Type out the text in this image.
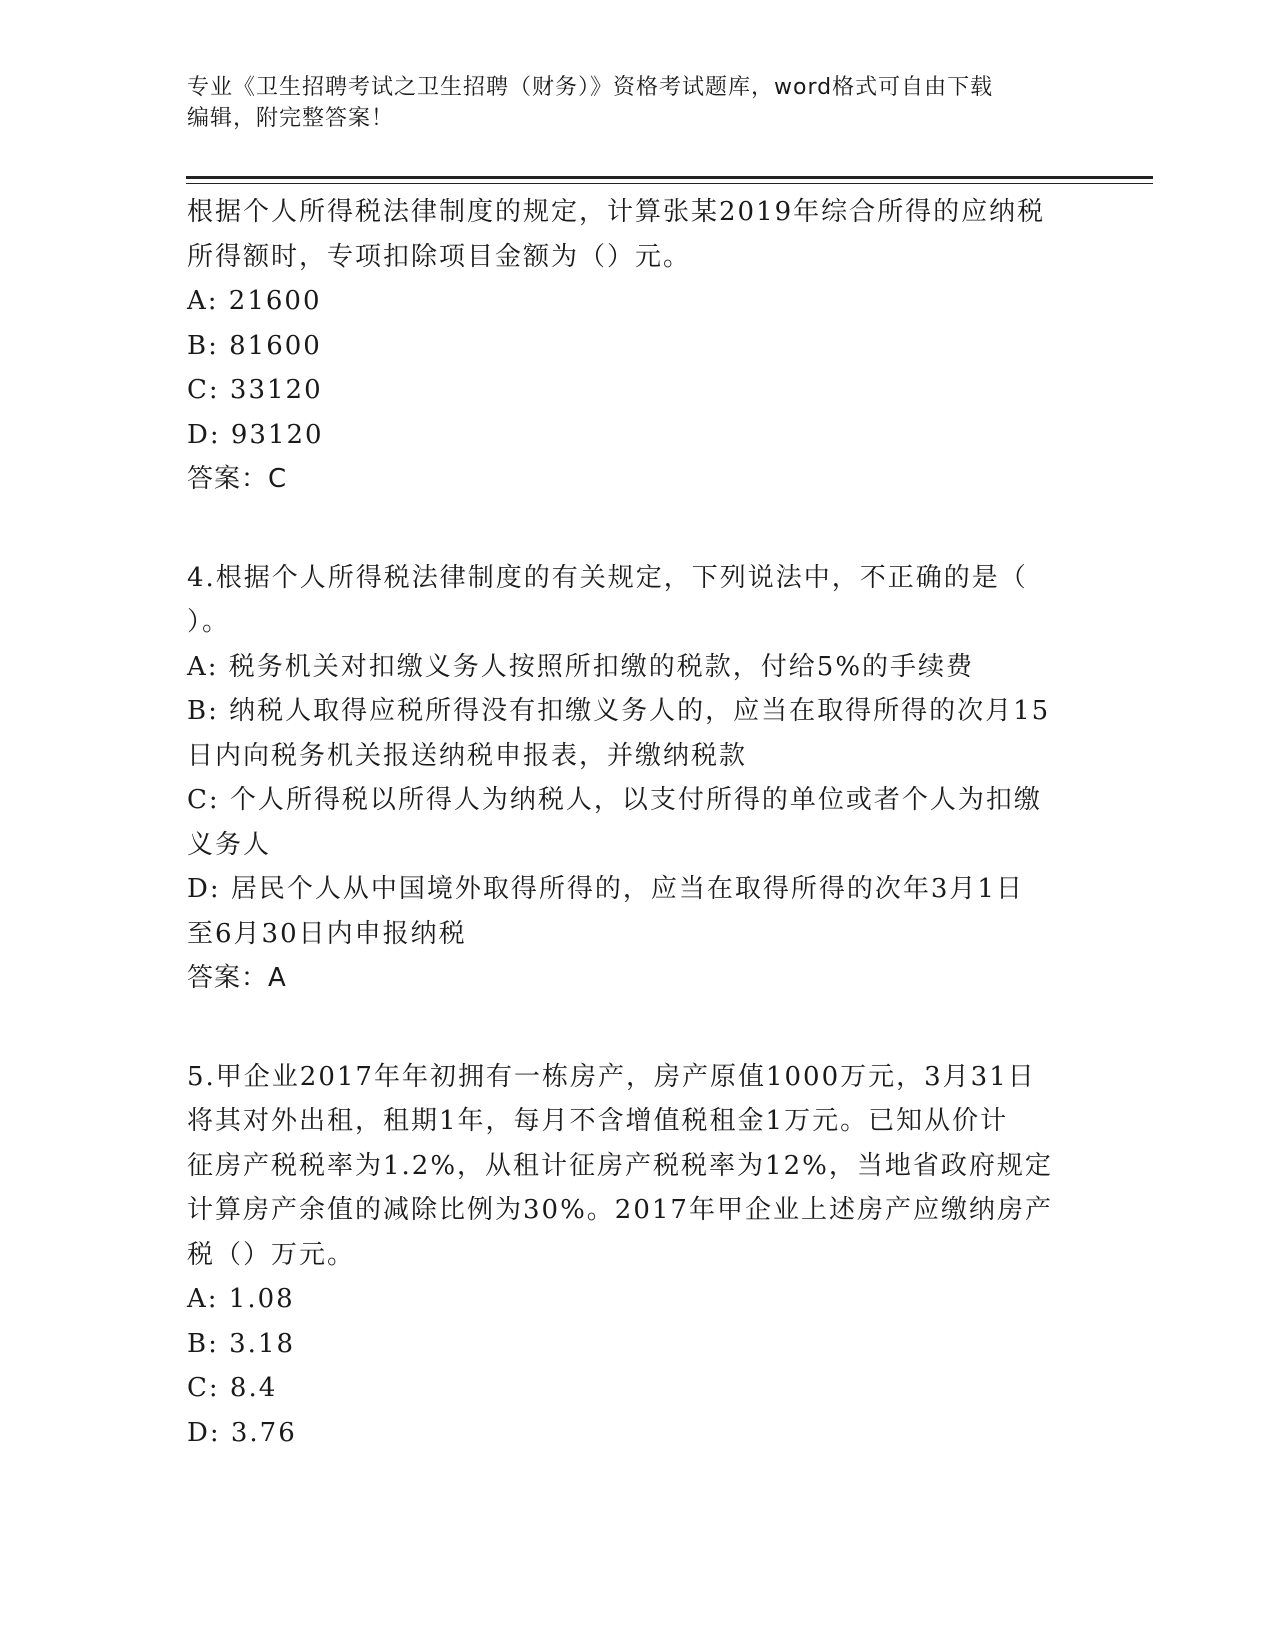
专业《卫生招聘考试之卫生招聘（财务）》资格考试题库，word格式可自由下载
编辑，附完整答案！
根据个人所得税法律制度的规定，计算张某2019年综合所得的应纳税
所得额时，专项扣除项目金额为（）元。
A: 21600
B: 81600
C: 33120
D: 93120
答案：C
4.根据个人所得税法律制度的有关规定，下列说法中，不正确的是（
）。
A: 税务机关对扣缴义务人按照所扣缴的税款，付给5%的手续费
B: 纳税人取得应税所得没有扣缴义务人的，应当在取得所得的次月15
日内向税务机关报送纳税申报表，并缴纳税款
C: 个人所得税以所得人为纳税人，以支付所得的单位或者个人为扣缴
义务人
D: 居民个人从中国境外取得所得的，应当在取得所得的次年3月1日
至6月30日内申报纳税
答案：A
5.甲企业2017年年初拥有一栋房产，房产原值1000万元，3月31日
将其对外出租，租期1年，每月不含增值税租金1万元。已知从价计
征房产税税率为1.2%，从租计征房产税税率为12%，当地省政府规定
计算房产余值的减除比例为30%。2017年甲企业上述房产应缴纳房产
税（）万元。
A: 1.08
B: 3.18
C: 8.4
D: 3.76
